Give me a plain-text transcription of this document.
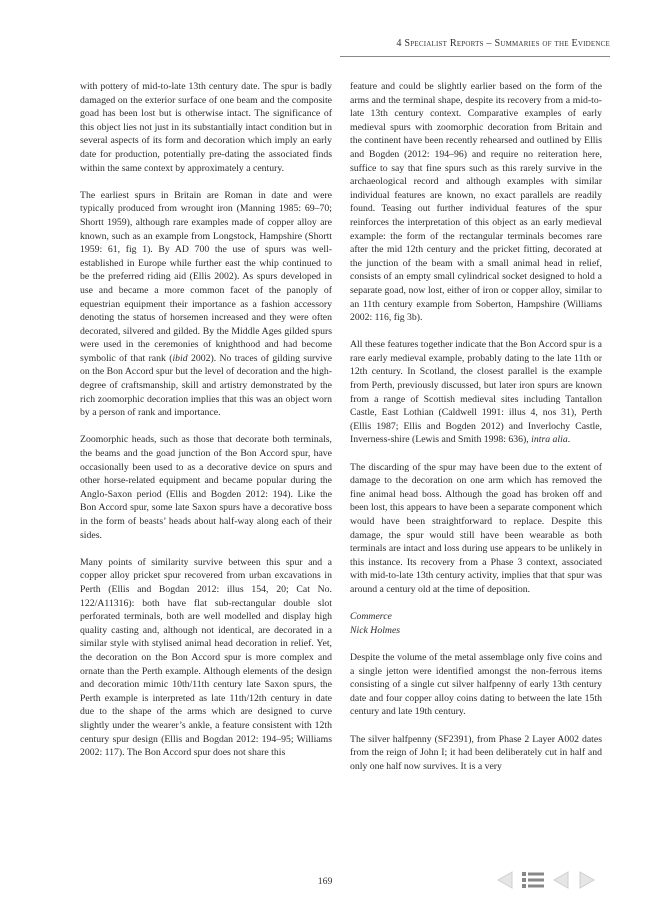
4 Specialist Reports – Summaries of the Evidence

with pottery of mid-to-late 13th century date. The spur is badly damaged on the exterior surface of one beam and the composite goad has been lost but is otherwise intact. The significance of this object lies not just in its substantially intact condition but in several aspects of its form and decoration which imply an early date for production, potentially pre-dating the associated finds within the same context by approximately a century.

The earliest spurs in Britain are Roman in date and were typically produced from wrought iron (Manning 1985: 69–70; Shortt 1959), although rare examples made of copper alloy are known, such as an example from Longstock, Hampshire (Shortt 1959: 61, fig 1). By AD 700 the use of spurs was well-established in Europe while further east the whip continued to be the preferred riding aid (Ellis 2002). As spurs developed in use and became a more common facet of the panoply of equestrian equipment their importance as a fashion accessory denoting the status of horsemen increased and they were often decorated, silvered and gilded. By the Middle Ages gilded spurs were used in the ceremonies of knighthood and had become symbolic of that rank (ibid 2002). No traces of gilding survive on the Bon Accord spur but the level of decoration and the high-degree of craftsmanship, skill and artistry demonstrated by the rich zoomorphic decoration implies that this was an object worn by a person of rank and importance.

Zoomorphic heads, such as those that decorate both terminals, the beams and the goad junction of the Bon Accord spur, have occasionally been used to as a decorative device on spurs and other horse-related equipment and became popular during the Anglo-Saxon period (Ellis and Bogden 2012: 194). Like the Bon Accord spur, some late Saxon spurs have a decorative boss in the form of beasts’ heads about half-way along each of their sides.

Many points of similarity survive between this spur and a copper alloy pricket spur recovered from urban excavations in Perth (Ellis and Bogdan 2012: illus 154, 20; Cat No. 122/A11316): both have flat sub-rectangular double slot perforated terminals, both are well modelled and display high quality casting and, although not identical, are decorated in a similar style with stylised animal head decoration in relief. Yet, the decoration on the Bon Accord spur is more complex and ornate than the Perth example. Although elements of the design and decoration mimic 10th/11th century late Saxon spurs, the Perth example is interpreted as late 11th/12th century in date due to the shape of the arms which are designed to curve slightly under the wearer’s ankle, a feature consistent with 12th century spur design (Ellis and Bogdan 2012: 194–95; Williams 2002: 117). The Bon Accord spur does not share this

feature and could be slightly earlier based on the form of the arms and the terminal shape, despite its recovery from a mid-to-late 13th century context. Comparative examples of early medieval spurs with zoomorphic decoration from Britain and the continent have been recently rehearsed and outlined by Ellis and Bogden (2012: 194–96) and require no reiteration here, suffice to say that fine spurs such as this rarely survive in the archaeological record and although examples with similar individual features are known, no exact parallels are readily found. Teasing out further individual features of the spur reinforces the interpretation of this object as an early medieval example: the form of the rectangular terminals becomes rare after the mid 12th century and the pricket fitting, decorated at the junction of the beam with a small animal head in relief, consists of an empty small cylindrical socket designed to hold a separate goad, now lost, either of iron or copper alloy, similar to an 11th century example from Soberton, Hampshire (Williams 2002: 116, fig 3b).

All these features together indicate that the Bon Accord spur is a rare early medieval example, probably dating to the late 11th or 12th century. In Scotland, the closest parallel is the example from Perth, previously discussed, but later iron spurs are known from a range of Scottish medieval sites including Tantallon Castle, East Lothian (Caldwell 1991: illus 4, nos 31), Perth (Ellis 1987; Ellis and Bogden 2012) and Inverlochy Castle, Inverness-shire (Lewis and Smith 1998: 636), intra alia.

The discarding of the spur may have been due to the extent of damage to the decoration on one arm which has removed the fine animal head boss. Although the goad has broken off and been lost, this appears to have been a separate component which would have been straightforward to replace. Despite this damage, the spur would still have been wearable as both terminals are intact and loss during use appears to be unlikely in this instance. Its recovery from a Phase 3 context, associated with mid-to-late 13th century activity, implies that that spur was around a century old at the time of deposition.

Commerce

Nick Holmes

Despite the volume of the metal assemblage only five coins and a single jetton were identified amongst the non-ferrous items consisting of a single cut silver halfpenny of early 13th century date and four copper alloy coins dating to between the late 15th century and late 19th century.

The silver halfpenny (SF2391), from Phase 2 Layer A002 dates from the reign of John I; it had been deliberately cut in half and only one half now survives. It is a very

169
